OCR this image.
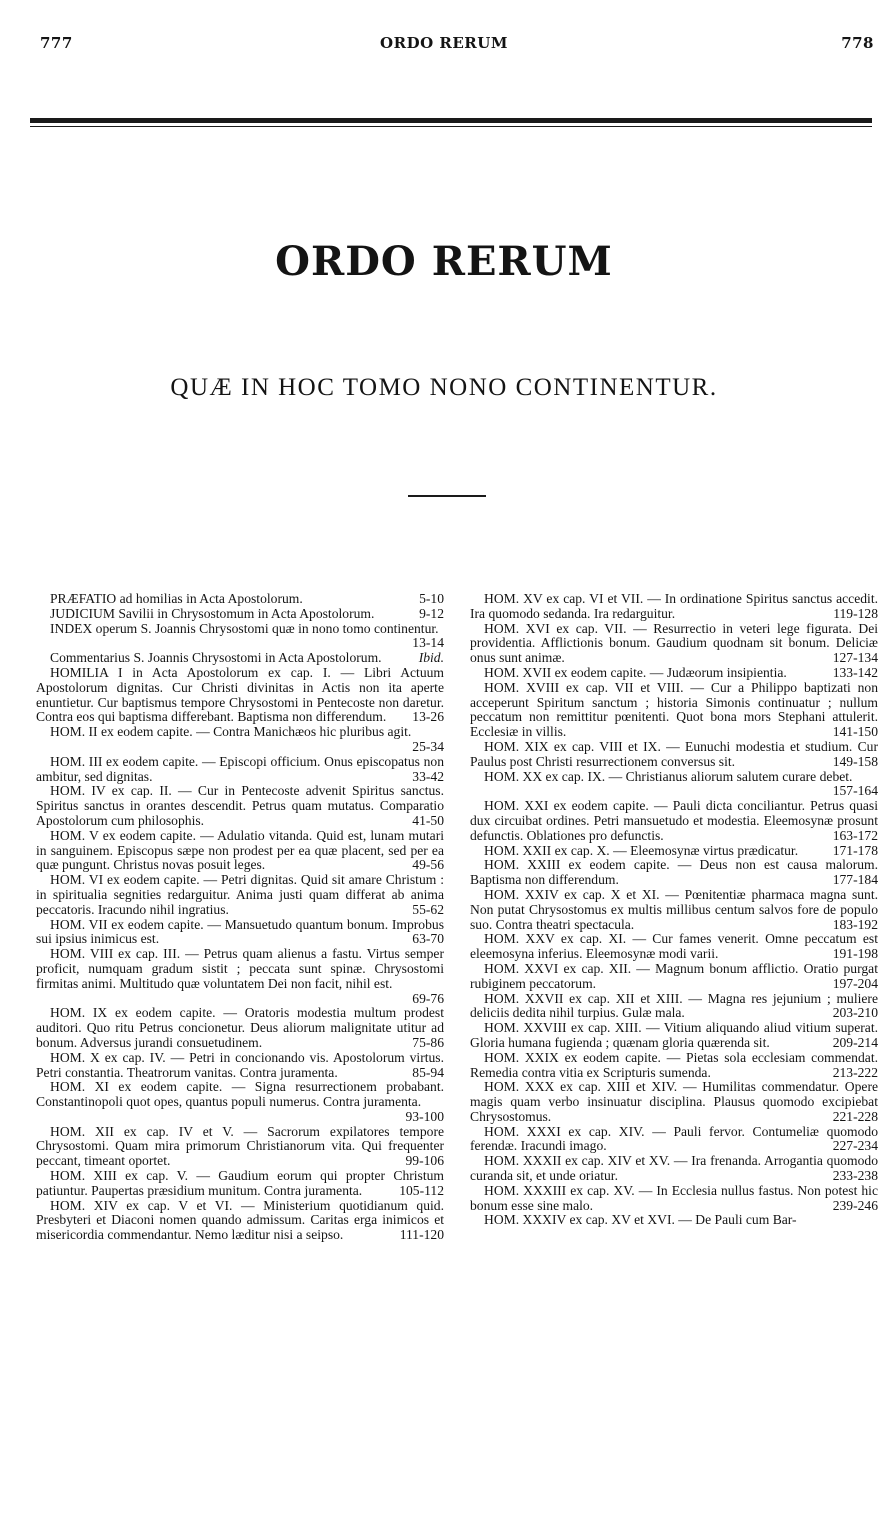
777	ORDO RERUM	778
ORDO RERUM
QUÆ IN HOC TOMO NONO CONTINENTUR.

PRÆFATIO ad homilias in Acta Apostolorum.	5-10

JUDICIUM Savilii in Chrysostomum in Acta Apostolorum.	9-12

INDEX operum S. Joannis Chrysostomi quæ in nono tomo continentur.
13-14

Commentarius S. Joannis Chrysostomi in Acta Apostolorum.	Ibid.

HOMILIA I in Acta Apostolorum ex cap. I. — Libri Actuum Apostolorum dignitas. Cur Christi divinitas in Actis non ita aperte enuntietur. Cur baptismus tempore Chrysostomi in Pentecoste non daretur. Contra eos qui baptisma differebant. Baptisma non differendum.	13-26

HOM. II ex eodem capite. — Contra Manichæos hic pluribus agit.
25-34

HOM. III ex eodem capite. — Episcopi officium. Onus episcopatus non ambitur, sed dignitas.	33-42

HOM. IV ex cap. II. — Cur in Pentecoste advenit Spiritus sanctus. Spiritus sanctus in orantes descendit. Petrus quam mutatus. Comparatio Apostolorum cum philosophis.	41-50

HOM. V ex eodem capite. — Adulatio vitanda. Quid est, lunam mutari in sanguinem. Episcopus sæpe non prodest per ea quæ placent, sed per ea quæ pungunt. Christus novas posuit leges.	49-56

HOM. VI ex eodem capite. — Petri dignitas. Quid sit amare Christum : in spiritualia segnities redarguitur. Anima justi quam differat ab anima peccatoris. Iracundo nihil ingratius.	55-62

HOM. VII ex eodem capite. — Mansuetudo quantum bonum. Improbus sui ipsius inimicus est.	63-70

HOM. VIII ex cap. III. — Petrus quam alienus a fastu. Virtus semper proficit, numquam gradum sistit ; peccata sunt spinæ. Chrysostomi firmitas animi. Multitudo quæ voluntatem Dei non facit, nihil est.
69-76

HOM. IX ex eodem capite. — Oratoris modestia multum prodest auditori. Quo ritu Petrus concionetur. Deus aliorum malignitate utitur ad bonum. Adversus jurandi consuetudinem.	75-86

HOM. X ex cap. IV. — Petri in concionando vis. Apostolorum virtus. Petri constantia. Theatrorum vanitas. Contra juramenta.	85-94

HOM. XI ex eodem capite. — Signa resurrectionem probabant. Constantinopoli quot opes, quantus populi numerus. Contra juramenta.
93-100

HOM. XII ex cap. IV et V. — Sacrorum expilatores tempore Chrysostomi. Quam mira primorum Christianorum vita. Qui frequenter peccant, timeant oportet.	99-106

HOM. XIII ex cap. V. — Gaudium eorum qui propter Christum patiuntur. Paupertas præsidium munitum. Contra juramenta.	105-112

HOM. XIV ex cap. V et VI. — Ministerium quotidianum quid. Presbyteri et Diaconi nomen quando admissum. Caritas erga inimicos et misericordia commendantur. Nemo læditur nisi a seipso.	111-120

HOM. XV ex cap. VI et VII. — In ordinatione Spiritus sanctus accedit. Ira quomodo sedanda. Ira redarguitur.	119-128

HOM. XVI ex cap. VII. — Resurrectio in veteri lege figurata. Dei providentia. Afflictionis bonum. Gaudium quodnam sit bonum. Deliciæ onus sunt animæ.	127-134

HOM. XVII ex eodem capite. — Judæorum insipientia.	133-142

HOM. XVIII ex cap. VII et VIII. — Cur a Philippo baptizati non acceperunt Spiritum sanctum ; historia Simonis continuatur ; nullum peccatum non remittitur pœnitenti. Quot bona mors Stephani attulerit. Ecclesiæ in villis.	141-150

HOM. XIX ex cap. VIII et IX. — Eunuchi modestia et studium. Cur Paulus post Christi resurrectionem conversus sit.	149-158

HOM. XX ex cap. IX. — Christianus aliorum salutem curare debet.
157-164

HOM. XXI ex eodem capite. — Pauli dicta conciliantur. Petrus quasi dux circuibat ordines. Petri mansuetudo et modestia. Eleemosynæ prosunt defunctis. Oblationes pro defunctis.	163-172

HOM. XXII ex cap. X. — Eleemosynæ virtus prædicatur.	171-178

HOM. XXIII ex eodem capite. — Deus non est causa malorum. Baptisma non differendum.	177-184

HOM. XXIV ex cap. X et XI. — Pœnitentiæ pharmaca magna sunt. Non putat Chrysostomus ex multis millibus centum salvos fore de populo suo. Contra theatri spectacula.	183-192

HOM. XXV ex cap. XI. — Cur fames venerit. Omne peccatum est eleemosyna inferius. Eleemosynæ modi varii.	191-198

HOM. XXVI ex cap. XII. — Magnum bonum afflictio. Oratio purgat rubiginem peccatorum.	197-204

HOM. XXVII ex cap. XII et XIII. — Magna res jejunium ; muliere deliciis dedita nihil turpius. Gulæ mala.	203-210

HOM. XXVIII ex cap. XIII. — Vitium aliquando aliud vitium superat. Gloria humana fugienda ; quænam gloria quærenda sit.	209-214

HOM. XXIX ex eodem capite. — Pietas sola ecclesiam commendat. Remedia contra vitia ex Scripturis sumenda.	213-222

HOM. XXX ex cap. XIII et XIV. — Humilitas commendatur. Opere magis quam verbo insinuatur disciplina. Plausus quomodo excipiebat Chrysostomus.	221-228

HOM. XXXI ex cap. XIV. — Pauli fervor. Contumeliæ quomodo ferendæ. Iracundi imago.	227-234

HOM. XXXII ex cap. XIV et XV. — Ira frenanda. Arrogantia quomodo curanda sit, et unde oriatur.	233-238

HOM. XXXIII ex cap. XV. — In Ecclesia nullus fastus. Non potest hic bonum esse sine malo.	239-246

HOM. XXXIV ex cap. XV et XVI. — De Pauli cum Bar-
